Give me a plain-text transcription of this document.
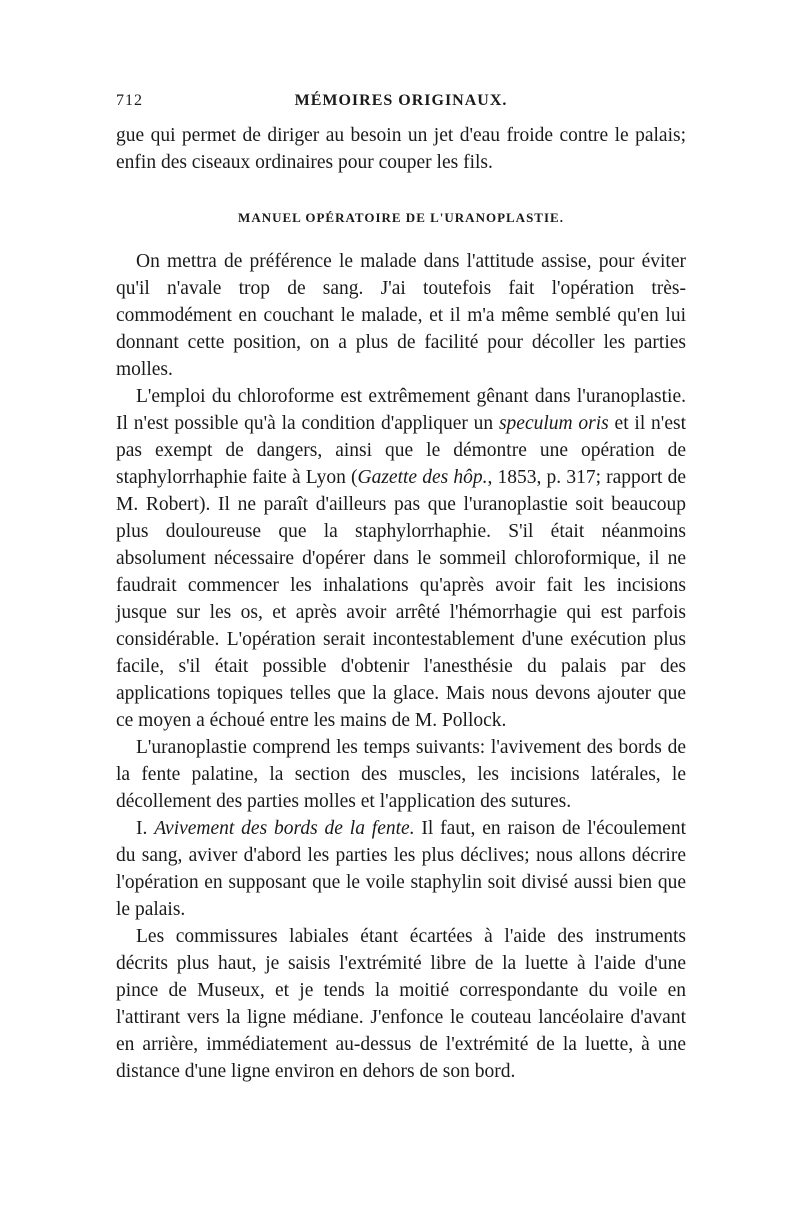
712	MÉMOIRES ORIGINAUX.

gue qui permet de diriger au besoin un jet d'eau froide contre le palais; enfin des ciseaux ordinaires pour couper les fils.

MANUEL OPÉRATOIRE DE L'URANOPLASTIE.

On mettra de préférence le malade dans l'attitude assise, pour éviter qu'il n'avale trop de sang. J'ai toutefois fait l'opération très-commodément en couchant le malade, et il m'a même semblé qu'en lui donnant cette position, on a plus de facilité pour décoller les parties molles.

L'emploi du chloroforme est extrêmement gênant dans l'uranoplastie. Il n'est possible qu'à la condition d'appliquer un speculum oris et il n'est pas exempt de dangers, ainsi que le démontre une opération de staphylorrhaphie faite à Lyon (Gazette des hôp., 1853, p. 317; rapport de M. Robert). Il ne paraît d'ailleurs pas que l'uranoplastie soit beaucoup plus douloureuse que la staphylorrhaphie. S'il était néanmoins absolument nécessaire d'opérer dans le sommeil chloroformique, il ne faudrait commencer les inhalations qu'après avoir fait les incisions jusque sur les os, et après avoir arrêté l'hémorrhagie qui est parfois considérable. L'opération serait incontestablement d'une exécution plus facile, s'il était possible d'obtenir l'anesthésie du palais par des applications topiques telles que la glace. Mais nous devons ajouter que ce moyen a échoué entre les mains de M. Pollock.

L'uranoplastie comprend les temps suivants: l'avivement des bords de la fente palatine, la section des muscles, les incisions latérales, le décollement des parties molles et l'application des sutures.

I. Avivement des bords de la fente. Il faut, en raison de l'écoulement du sang, aviver d'abord les parties les plus déclives; nous allons décrire l'opération en supposant que le voile staphylin soit divisé aussi bien que le palais.

Les commissures labiales étant écartées à l'aide des instruments décrits plus haut, je saisis l'extrémité libre de la luette à l'aide d'une pince de Museux, et je tends la moitié correspondante du voile en l'attirant vers la ligne médiane. J'enfonce le couteau lancéolaire d'avant en arrière, immédiatement au-dessus de l'extrémité de la luette, à une distance d'une ligne environ en dehors de son bord.
